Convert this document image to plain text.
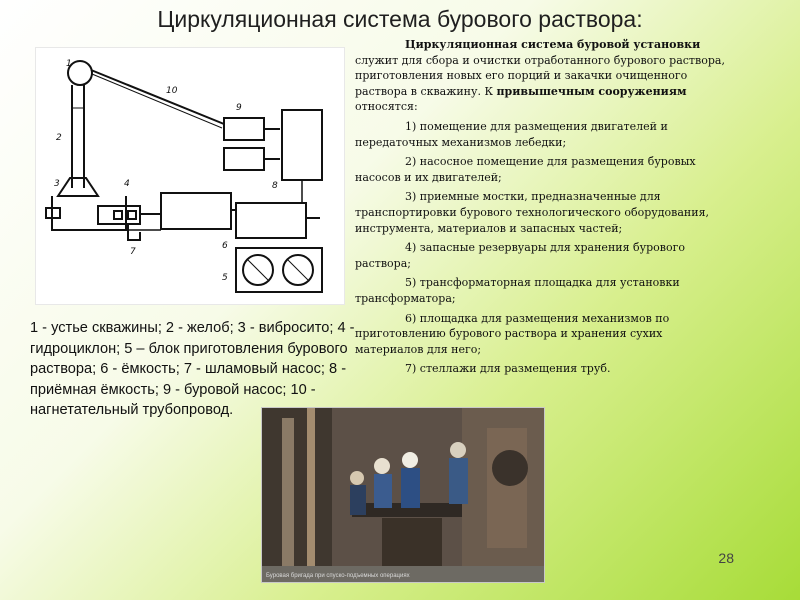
Циркуляционная система бурового раствора:
1
2
3	4
5
6
7
8
9
10
1 - устье скважины; 2 - желоб; 3 - вибросито; 4 - гидроциклон; 5 – блок приготовления бурового раствора; 6 - ёмкость; 7 - шламовый насос; 8 - приёмная ёмкость; 9 - буровой насос; 10 - нагнетательный трубопровод.

Циркуляционная система буровой установки служит для сбора и очистки отработанного бурового раствора, приготовления новых его порций и закачки очищенного раствора в скважину. К привышечным сооружениям относятся:

1) помещение для размещения двигателей и передаточных механизмов лебедки;

2) насосное помещение для размещения буровых насосов и их двигателей;

3) приемные мостки, предназначенные для транспортировки бурового технологического оборудования, инструмента, материалов и запасных частей;

4) запасные резервуары для хранения бурового раствора;

5) трансформаторная площадка для установки трансформатора;

6) площадка для размещения механизмов по приготовлению бурового раствора и хранения сухих материалов для него;

7) стеллажи для размещения труб.

Буровая бригада при спуско-подъемных операциях
28
